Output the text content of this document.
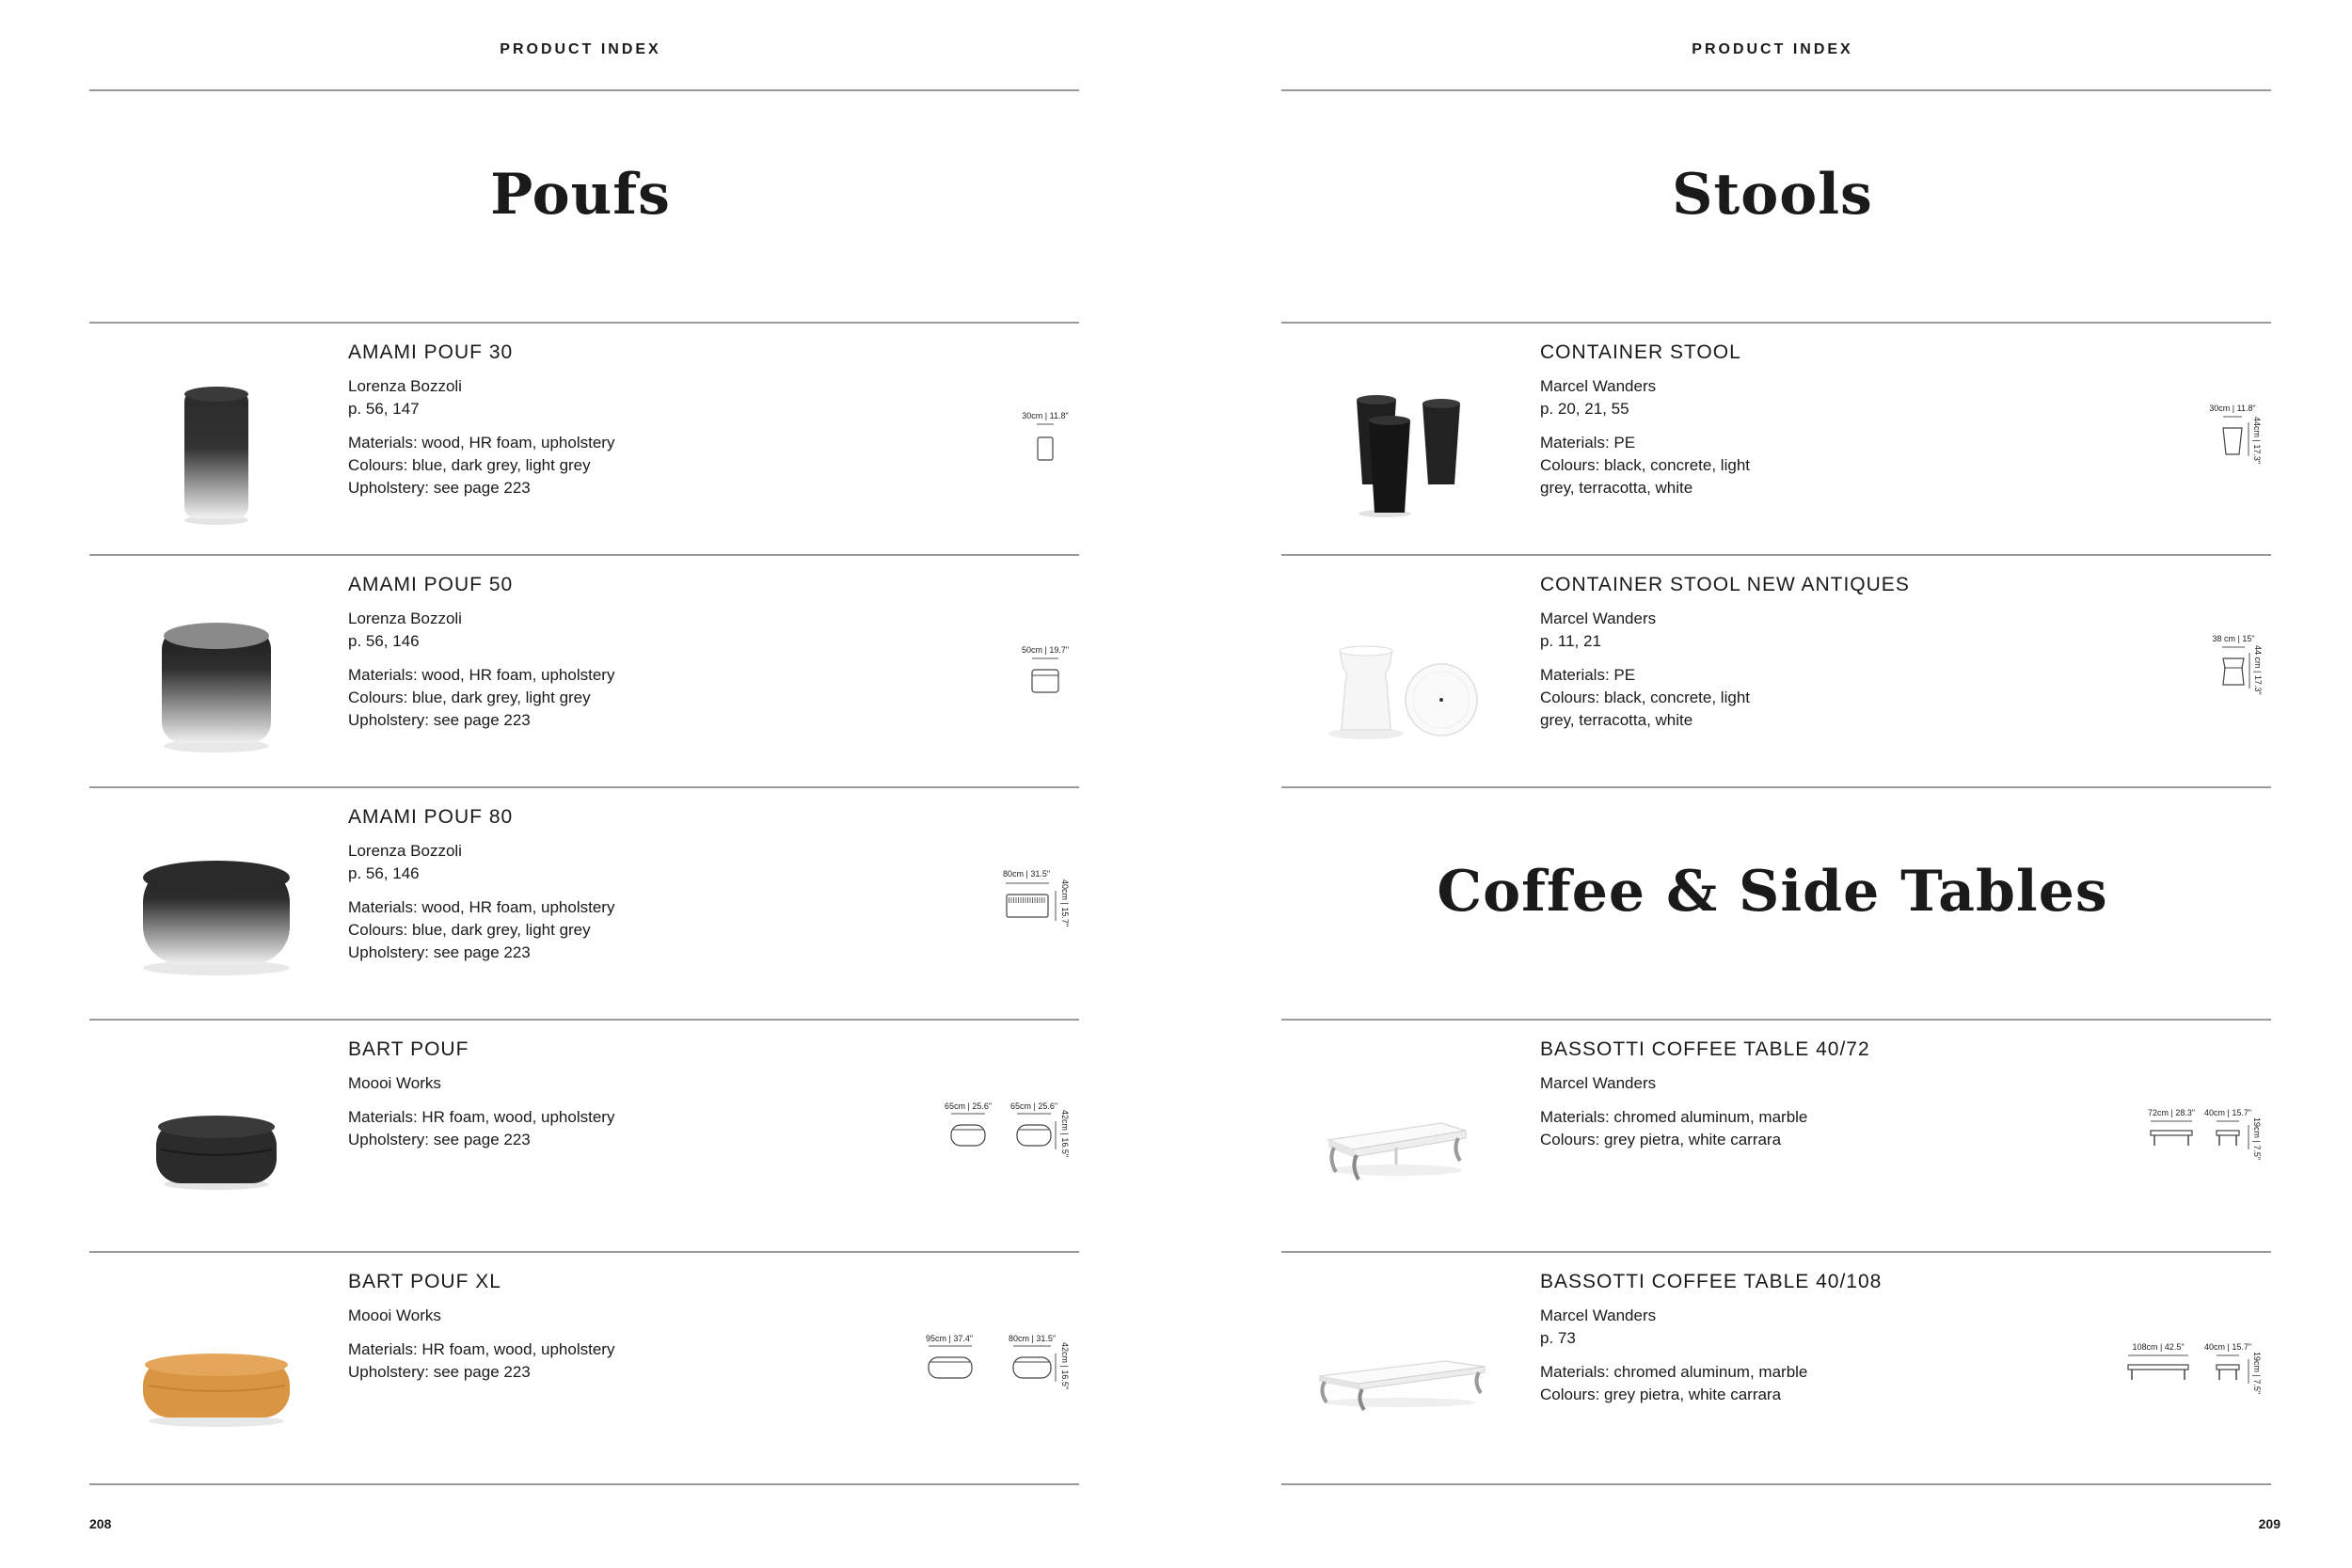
PRODUCT INDEX
Poufs
AMAMI POUF 30
Lorenza Bozzoli
p. 56, 147
Materials: wood, HR foam, upholstery
Colours: blue, dark grey, light grey
Upholstery: see page 223
30cm | 11.8"
AMAMI POUF 50
Lorenza Bozzoli
p. 56, 146
Materials: wood, HR foam, upholstery
Colours: blue, dark grey, light grey
Upholstery: see page 223
50cm | 19.7"
AMAMI POUF 80
Lorenza Bozzoli
p. 56, 146
Materials: wood, HR foam, upholstery
Colours: blue, dark grey, light grey
Upholstery: see page 223
80cm | 31.5"
40cm | 15.7"
BART POUF
Moooi Works
Materials: HR foam, wood, upholstery
Upholstery: see page 223
65cm | 25.6" 65cm | 25.6"
42cm | 16.5"
BART POUF XL
Moooi Works
Materials: HR foam, wood, upholstery
Upholstery: see page 223
95cm | 37.4"	80cm | 31.5"
42cm | 16.5"
208
PRODUCT INDEX
Stools
CONTAINER STOOL
Marcel Wanders
p. 20, 21, 55
Materials: PE
Colours: black, concrete, light
grey, terracotta, white
30cm | 11.8"
44cm | 17.3"
CONTAINER STOOL NEW ANTIQUES
Marcel Wanders
p. 11, 21
Materials: PE
Colours: black, concrete, light
grey, terracotta, white
38 cm | 15"
44 cm | 17.3"
Coffee & Side Tables
BASSOTTI COFFEE TABLE 40/72
Marcel Wanders
Materials: chromed aluminum, marble
Colours: grey pietra, white carrara
72cm | 28.3" 40cm | 15.7"
19cm | 7.5"
BASSOTTI COFFEE TABLE 40/108
Marcel Wanders
p. 73
Materials: chromed aluminum, marble
Colours: grey pietra, white carrara
108cm | 42.5" 40cm | 15.7"
19cm | 7.5"
209
